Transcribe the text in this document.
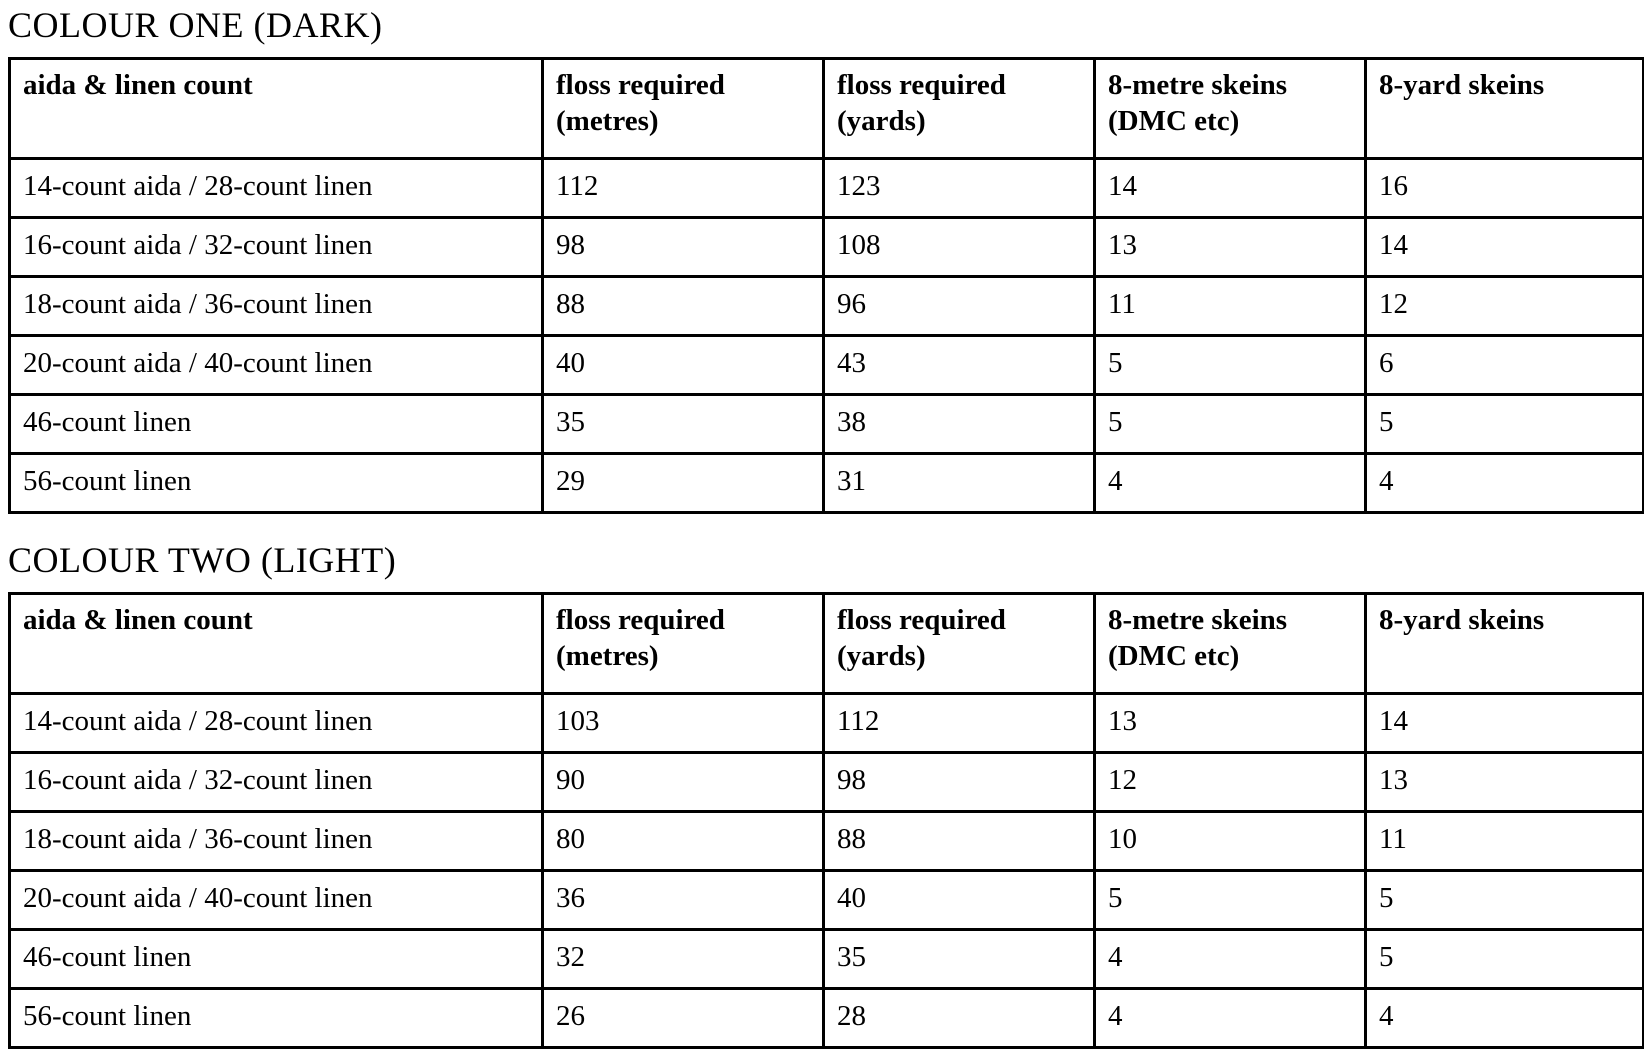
COLOUR ONE (DARK)
aida & linen count	floss required (metres)	floss required (yards)	8-metre skeins (DMC etc)	8-yard skeins
14-count aida / 28-count linen	112	123	14	16
16-count aida / 32-count linen	98	108	13	14
18-count aida / 36-count linen	88	96	11	12
20-count aida / 40-count linen	40	43	5	6
46-count linen	35	38	5	5
56-count linen	29	31	4	4
COLOUR TWO (LIGHT)
aida & linen count	floss required (metres)	floss required (yards)	8-metre skeins (DMC etc)	8-yard skeins
14-count aida / 28-count linen	103	112	13	14
16-count aida / 32-count linen	90	98	12	13
18-count aida / 36-count linen	80	88	10	11
20-count aida / 40-count linen	36	40	5	5
46-count linen	32	35	4	5
56-count linen	26	28	4	4
